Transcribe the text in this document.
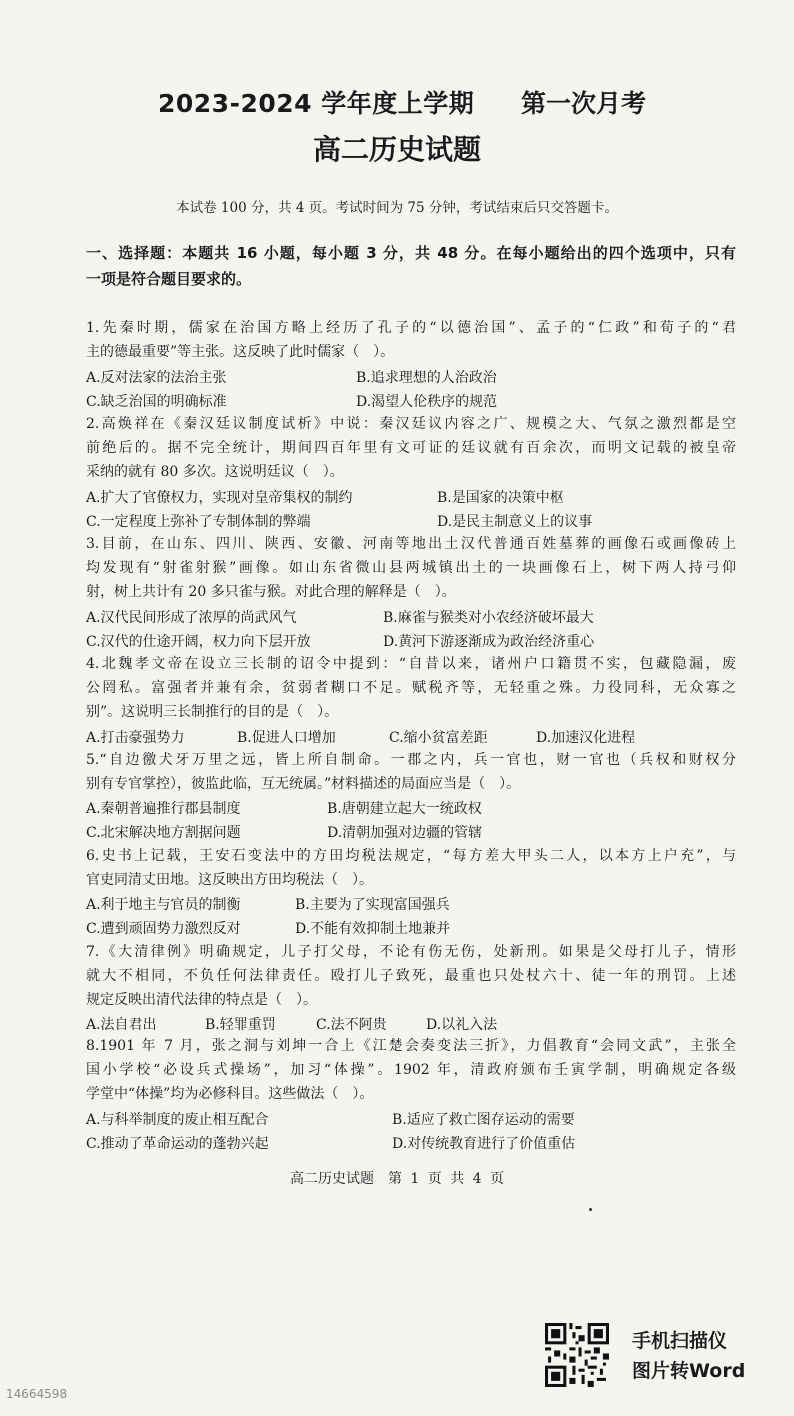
2023-2024 学年度上学期 第一次月考
高二历史试题
本试卷 100 分，共 4 页。考试时间为 75 分钟，考试结束后只交答题卡。
一、选择题：本题共 16 小题，每小题 3 分，共 48 分。在每小题给出的四个选项中，只有
一项是符合题目要求的。
1.先秦时期，儒家在治国方略上经历了孔子的“以德治国”、孟子的“仁政”和荀子的“君
主的德最重要”等主张。这反映了此时儒家（　）。
A.反对法家的法治主张	B.追求理想的人治政治
C.缺乏治国的明确标准	D.渴望人伦秩序的规范
2.高焕祥在《秦汉廷议制度试析》中说：秦汉廷议内容之广、规模之大、气氛之激烈都是空
前绝后的。据不完全统计，期间四百年里有文可证的廷议就有百余次，而明文记载的被皇帝
采纳的就有 80 多次。这说明廷议（　）。
A.扩大了官僚权力，实现对皇帝集权的制约	B.是国家的决策中枢
C.一定程度上弥补了专制体制的弊端	D.是民主制意义上的议事
3.目前，在山东、四川、陕西、安徽、河南等地出土汉代普通百姓墓葬的画像石或画像砖上
均发现有“射雀射猴”画像。如山东省微山县两城镇出土的一块画像石上，树下两人持弓仰
射，树上共计有 20 多只雀与猴。对此合理的解释是（　）。
A.汉代民间形成了浓厚的尚武风气	B.麻雀与猴类对小农经济破坏最大
C.汉代的仕途开阔，权力向下层开放	D.黄河下游逐渐成为政治经济重心
4.北魏孝文帝在设立三长制的诏令中提到：“自昔以来，诸州户口籍贯不实，包藏隐漏，废
公罔私。富强者并兼有余，贫弱者糊口不足。赋税齐等，无轻重之殊。力役同科，无众寡之
别”。这说明三长制推行的目的是（　）。
A.打击豪强势力	B.促进人口增加	C.缩小贫富差距	D.加速汉化进程
5.“自边徼犬牙万里之远，皆上所自制命。一郡之内，兵一官也，财一官也（兵权和财权分
别有专官掌控），彼监此临，互无统属。”材料描述的局面应当是（　）。
A.秦朝普遍推行郡县制度	B.唐朝建立起大一统政权
C.北宋解决地方割据问题	D.清朝加强对边疆的管辖
6.史书上记载，王安石变法中的方田均税法规定，“每方差大甲头二人，以本方上户充”，与
官吏同清丈田地。这反映出方田均税法（　）。
A.利于地主与官员的制衡	B.主要为了实现富国强兵
C.遭到顽固势力激烈反对	D.不能有效抑制土地兼并
7.《大清律例》明确规定，儿子打父母，不论有伤无伤，处新刑。如果是父母打儿子，情形
就大不相同，不负任何法律责任。殴打儿子致死，最重也只处杖六十、徒一年的刑罚。上述
规定反映出清代法律的特点是（　）。
A.法自君出	B.轻罪重罚	C.法不阿贵	D.以礼入法
8.1901 年 7 月，张之洞与刘坤一合上《江楚会奏变法三折》，力倡教育“会同文武”，主张全
国小学校“必设兵式操场”，加习“体操”。1902 年，清政府颁布壬寅学制，明确规定各级
学堂中“体操”均为必修科目。这些做法（　）。
A.与科举制度的废止相互配合	B.适应了救亡图存运动的需要
C.推动了革命运动的蓬勃兴起	D.对传统教育进行了价值重估
高二历史试题　第 1 页 共 4 页
手机扫描仪
图片转Word
14664598
